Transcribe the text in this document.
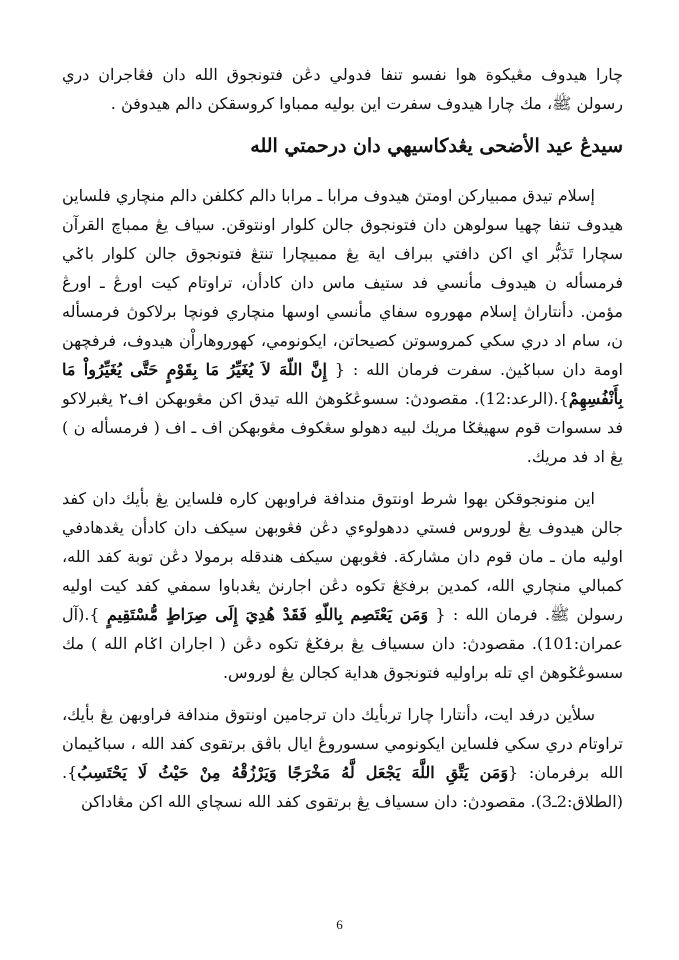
چارا هيدوف مڠيکوة هوا نفسو تنفا فدولي دڠن فتونجوق الله دان فڠاجران دري رسولن ﷺ، مك چارا هيدوف سفرت اين بوليه ممباوا کروسقکن دالم هيدوفڽ .

سيدڠ عيد الأضحى يڠدکاسيهي دان درحمتي الله

إسلام تيدق ممبيارکن اومتڽ هيدوف مرابا ـ مرابا دالم ککلفن دالم منچاري فلساين هيدوف تنفا چهيا سولوهن دان فتونجوق جالن کلوار اونتوقن. سياف يڠ ممباچ القرآن سچارا تَدَبُّر اي اکن دافتي ببراف اية يڠ ممبيچارا تنتڠ فتونجوق جالن کلوار باݢي فرمسأله ن هيدوف مأنسي فد ستيف ماس دان کادأن، تراوتام کيت اورڠ ـ اورڠ مؤمن. دأنتاراڽ إسلام مهوروه سفاي مأنسي اوسها منچاري فونچا برلاکوڽ فرمسأله ن، سام اد دري سکي کمروسوتن کصيحاتن، ايکونومي، کهوروهاراْن هيدوف، فرفچهن اومة دان سباݢيڽ. سفرت فرمان الله : { إِنَّ اللّهَ لاَ يُغَيِّرُ مَا بِقَوْمٍ حَتَّى يُغَيِّرُواْ مَا بِأَنْفُسِهِمْ}.(الرعد:12). مقصودڽ: سسوڠݢوهڽ الله تيدق اکن مڠوبهکن اف٢ يڠبرلاکو فد سسوات قوم سهيڠݢا مريك لبيه دهولو سڠکوف مڠوبهکن اف ـ اف ( فرمسأله ن ) يڠ اد فد مريك.

اين منونجوقکن بهوا شرط اونتوق مندافة فراوبهن کاره فلساين يڠ بأيك دان کفد جالن هيدوف يڠ لوروس فستي ددهولوءي دڠن فڠوبهن سيکف دان کادأن يڠدهادفي اوليه مان ـ مان قوم دان مشارکة. فڠوبهن سيکف هندقله برمولا دڠن توبة کفد الله، کمبالي منچاري الله، کمدين برفݢڠ تکوه دڠن اجارنڽ يڠدباوا سمفي کفد کيت اوليه رسولن ﷺ. فرمان الله : { وَمَن يَعْتَصِم بِاللّهِ فَقَدْ هُدِيَ إِلَى صِرَاطٍ مُّسْتَقِيمٍ }.(آل عمران:101). مقصودڽ: دان سسياف يڠ برفݢڠ تکوه دڠن ( اجاران اݢام الله ) مك سسوڠݢوهڽ اي تله براوليه فتونجوق هداية کجالن يڠ لوروس.

سلأين درفد ايت، دأنتارا چارا تربأيك دان ترجامين اونتوق مندافة فراوبهن يڠ بأيك، تراوتام دري سکي فلساين ايکونومي سسوروڠ ايال باڤق برتقوى کفد الله ، سباݢيمان الله برفرمان: {وَمَن يَتَّقِ اللَّهَ يَجْعَل لَّهُ مَخْرَجًا وَيَرْزُقْهُ مِنْ حَيْثُ لَا يَحْتَسِبُ}.(الطلاق:2ـ3). مقصودڽ: دان سسياف يڠ برتقوى کفد الله نسچاي الله اکن مڠاداکن

6
